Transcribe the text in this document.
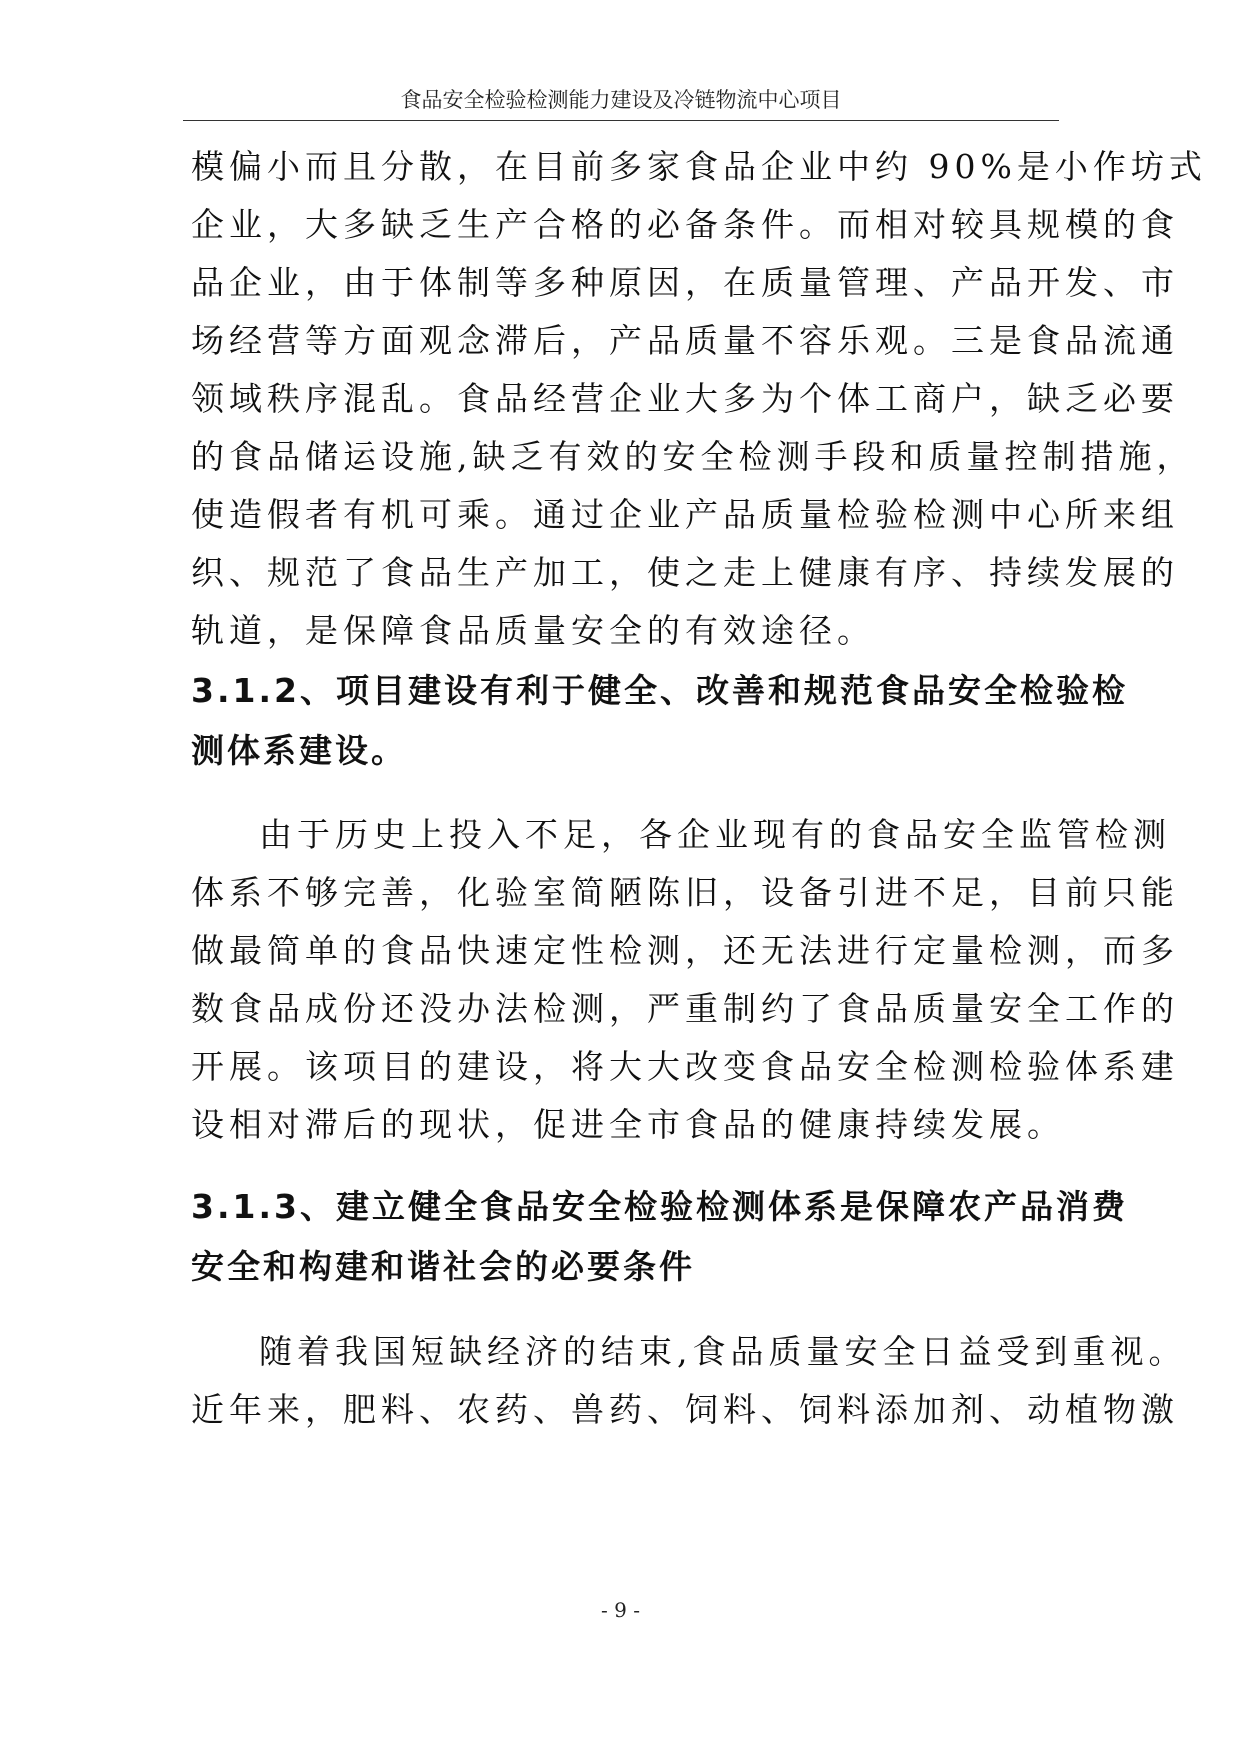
食品安全检验检测能力建设及冷链物流中心项目
模偏小而且分散，在目前多家食品企业中约 90%是小作坊式
企业，大多缺乏生产合格的必备条件。而相对较具规模的食
品企业，由于体制等多种原因，在质量管理、产品开发、市
场经营等方面观念滞后，产品质量不容乐观。三是食品流通
领域秩序混乱。食品经营企业大多为个体工商户，缺乏必要
的食品储运设施,缺乏有效的安全检测手段和质量控制措施，
使造假者有机可乘。通过企业产品质量检验检测中心所来组
织、规范了食品生产加工，使之走上健康有序、持续发展的
轨道，是保障食品质量安全的有效途径。
3.1.2、项目建设有利于健全、改善和规范食品安全检验检
测体系建设。
由于历史上投入不足，各企业现有的食品安全监管检测
体系不够完善，化验室简陋陈旧，设备引进不足，目前只能
做最简单的食品快速定性检测，还无法进行定量检测，而多
数食品成份还没办法检测，严重制约了食品质量安全工作的
开展。该项目的建设，将大大改变食品安全检测检验体系建
设相对滞后的现状，促进全市食品的健康持续发展。
3.1.3、建立健全食品安全检验检测体系是保障农产品消费
安全和构建和谐社会的必要条件
随着我国短缺经济的结束,食品质量安全日益受到重视。
近年来，肥料、农药、兽药、饲料、饲料添加剂、动植物激
- 9 -
